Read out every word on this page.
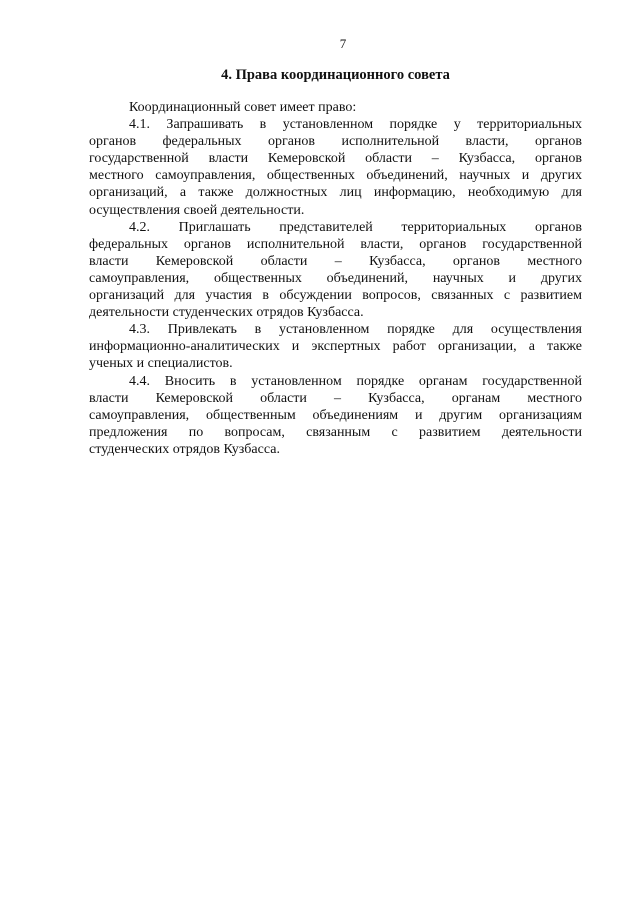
7
4. Права координационного совета
Координационный совет имеет право:
4.1. Запрашивать в установленном порядке у территориальных
органов федеральных органов исполнительной власти, органов
государственной власти Кемеровской области – Кузбасса, органов
местного самоуправления, общественных объединений, научных и других
организаций, а также должностных лиц информацию, необходимую для
осуществления своей деятельности.
4.2. Приглашать представителей территориальных органов
федеральных органов исполнительной власти, органов государственной
власти Кемеровской области – Кузбасса, органов местного
самоуправления, общественных объединений, научных и других
организаций для участия в обсуждении вопросов, связанных с развитием
деятельности студенческих отрядов Кузбасса.
4.3. Привлекать в установленном порядке для осуществления
информационно-аналитических и экспертных работ организации, а также
ученых и специалистов.
4.4. Вносить в установленном порядке органам государственной
власти Кемеровской области – Кузбасса, органам местного
самоуправления, общественным объединениям и другим организациям
предложения по вопросам, связанным с развитием деятельности
студенческих отрядов Кузбасса.
